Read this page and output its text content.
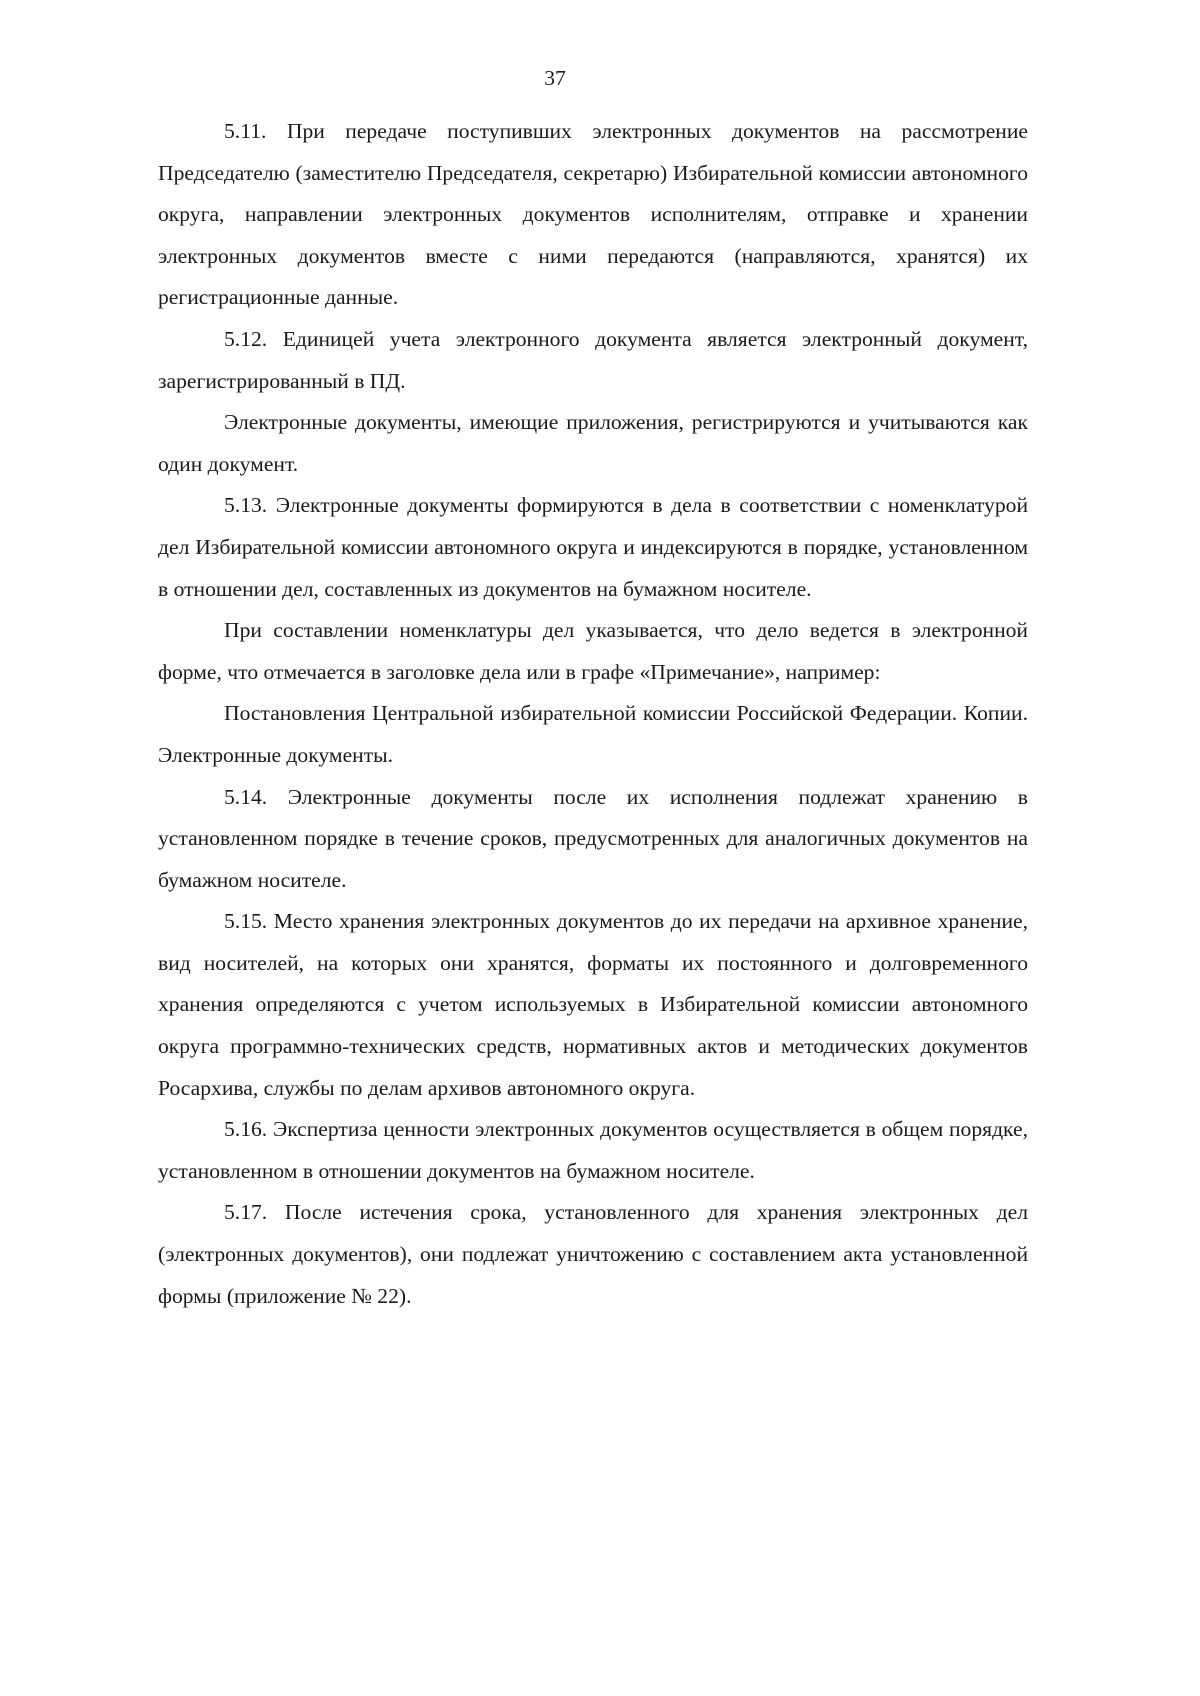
37

5.11. При передаче поступивших электронных документов на рассмотрение Председателю (заместителю Председателя, секретарю) Избирательной комиссии автономного округа, направлении электронных документов исполнителям, отправке и хранении электронных документов вместе с ними передаются (направляются, хранятся) их регистрационные данные.

5.12. Единицей учета электронного документа является электронный документ, зарегистрированный в ПД.

Электронные документы, имеющие приложения, регистрируются и учитываются как один документ.

5.13. Электронные документы формируются в дела в соответствии с номенклатурой дел Избирательной комиссии автономного округа и индексируются в порядке, установленном в отношении дел, составленных из документов на бумажном носителе.

При составлении номенклатуры дел указывается, что дело ведется в электронной форме, что отмечается в заголовке дела или в графе «Примечание», например:

Постановления Центральной избирательной комиссии Российской Федерации. Копии. Электронные документы.

5.14. Электронные документы после их исполнения подлежат хранению в установленном порядке в течение сроков, предусмотренных для аналогичных документов на бумажном носителе.

5.15. Место хранения электронных документов до их передачи на архивное хранение, вид носителей, на которых они хранятся, форматы их постоянного и долговременного хранения определяются с учетом используемых в Избирательной комиссии автономного округа программно-технических средств, нормативных актов и методических документов Росархива, службы по делам архивов автономного округа.

5.16. Экспертиза ценности электронных документов осуществляется в общем порядке, установленном в отношении документов на бумажном носителе.

5.17. После истечения срока, установленного для хранения электронных дел (электронных документов), они подлежат уничтожению с составлением акта установленной формы (приложение № 22).
